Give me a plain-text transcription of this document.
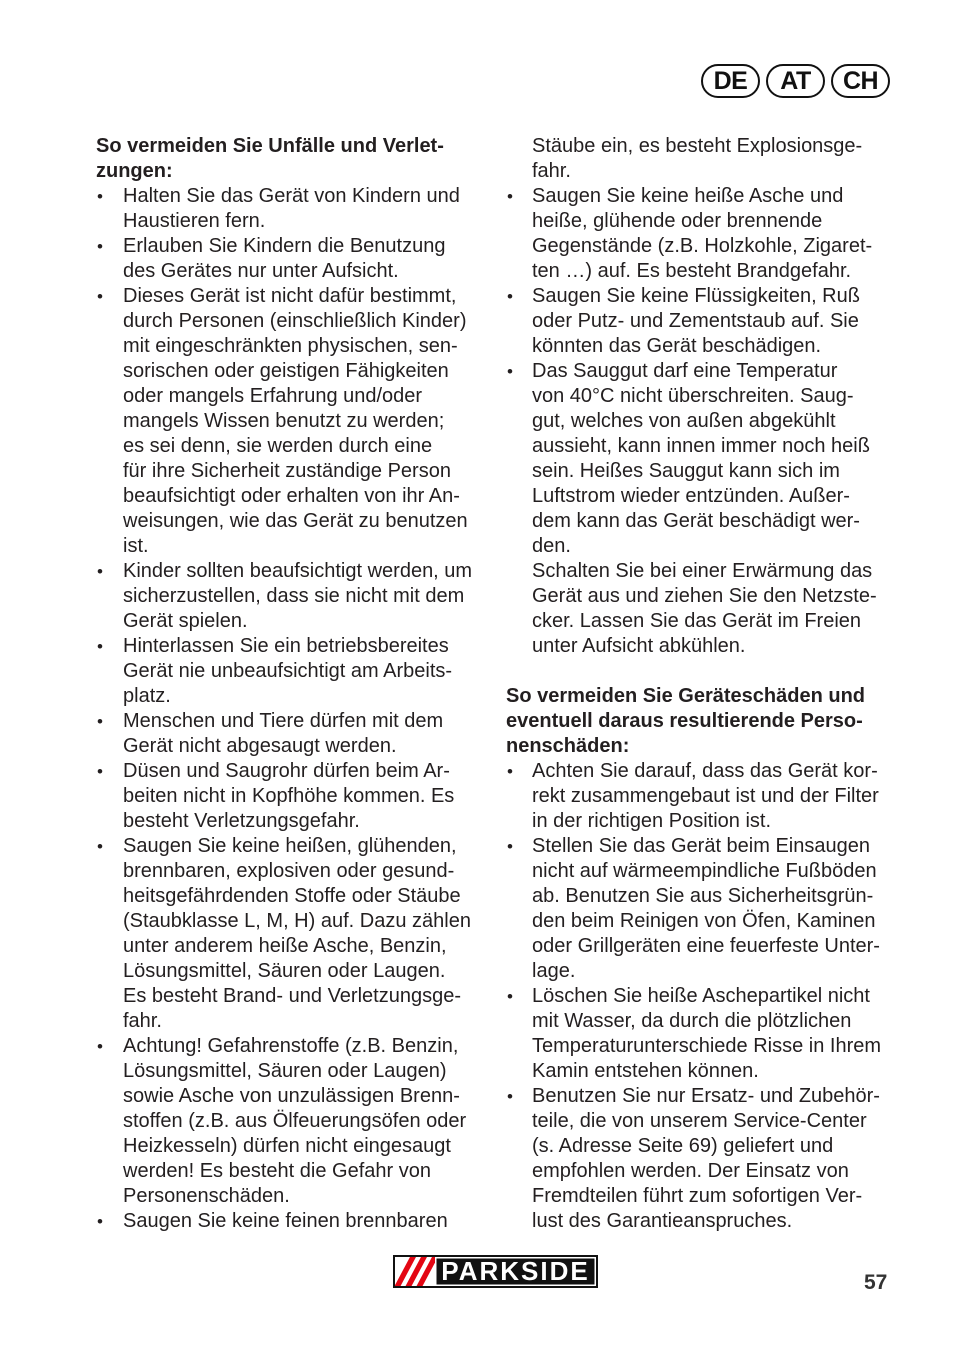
DE	AT	CH
So vermeiden Sie Unfälle und Verlet-
zungen:
• Halten Sie das Gerät von Kindern und
Haustieren fern.
• Erlauben Sie Kindern die Benutzung
des Gerätes nur unter Aufsicht.
• Dieses Gerät ist nicht dafür bestimmt,
durch Personen (einschließlich Kinder)
mit eingeschränkten physischen, sen-
sorischen oder geistigen Fähigkeiten
oder mangels Erfahrung und/oder
mangels Wissen benutzt zu werden;
es sei denn, sie werden durch eine
für ihre Sicherheit zuständige Person
beaufsichtigt oder erhalten von ihr An-
weisungen, wie das Gerät zu benutzen
ist.
• Kinder sollten beaufsichtigt werden, um
sicherzustellen, dass sie nicht mit dem
Gerät spielen.
• Hinterlassen Sie ein betriebsbereites
Gerät nie unbeaufsichtigt am Arbeits-
platz.
• Menschen und Tiere dürfen mit dem
Gerät nicht abgesaugt werden.
• Düsen und Saugrohr dürfen beim Ar-
beiten nicht in Kopfhöhe kommen. Es
besteht Verletzungsgefahr.
• Saugen Sie keine heißen, glühenden,
brennbaren, explosiven oder gesund-
heitsgefährdenden Stoffe oder Stäube
(Staubklasse L, M, H) auf. Dazu zählen
unter anderem heiße Asche, Benzin,
Lösungsmittel, Säuren oder Laugen.
Es besteht Brand- und Verletzungsge-
fahr.
• Achtung! Gefahrenstoffe (z.B. Benzin,
Lösungsmittel, Säuren oder Laugen)
sowie Asche von unzulässigen Brenn-
stoffen (z.B. aus Ölfeuerungsöfen oder
Heizkesseln) dürfen nicht eingesaugt
werden! Es besteht die Gefahr von
Personenschäden.
• Saugen Sie keine feinen brennbaren
Stäube ein, es besteht Explosionsge-
fahr.
• Saugen Sie keine heiße Asche und
heiße, glühende oder brennende
Gegenstände (z.B. Holzkohle, Zigaret-
ten …) auf. Es besteht Brandgefahr.
• Saugen Sie keine Flüssigkeiten, Ruß
oder Putz- und Zementstaub auf. Sie
könnten das Gerät beschädigen.
• Das Sauggut darf eine Temperatur
von 40°C nicht überschreiten. Saug-
gut, welches von außen abgekühlt
aussieht, kann innen immer noch heiß
sein. Heißes Sauggut kann sich im
Luftstrom wieder entzünden. Außer-
dem kann das Gerät beschädigt wer-
den.
Schalten Sie bei einer Erwärmung das
Gerät aus und ziehen Sie den Netzste-
cker. Lassen Sie das Gerät im Freien
unter Aufsicht abkühlen.
So vermeiden Sie Geräteschäden und
eventuell daraus resultierende Perso-
nenschäden:
• Achten Sie darauf, dass das Gerät kor-
rekt zusammengebaut ist und der Filter
in der richtigen Position ist.
• Stellen Sie das Gerät beim Einsaugen
nicht auf wärmeempindliche Fußböden
ab. Benutzen Sie aus Sicherheitsgrün-
den beim Reinigen von Öfen, Kaminen
oder Grillgeräten eine feuerfeste Unter-
lage.
• Löschen Sie heiße Aschepartikel nicht
mit Wasser, da durch die plötzlichen
Temperaturunterschiede Risse in Ihrem
Kamin entstehen können.
• Benutzen Sie nur Ersatz- und Zubehör-
teile, die von unserem Service-Center
(s. Adresse Seite 69) geliefert und
empfohlen werden. Der Einsatz von
Fremdteilen führt zum sofortigen Ver-
lust des Garantieanspruches.
PARKSIDE	57
